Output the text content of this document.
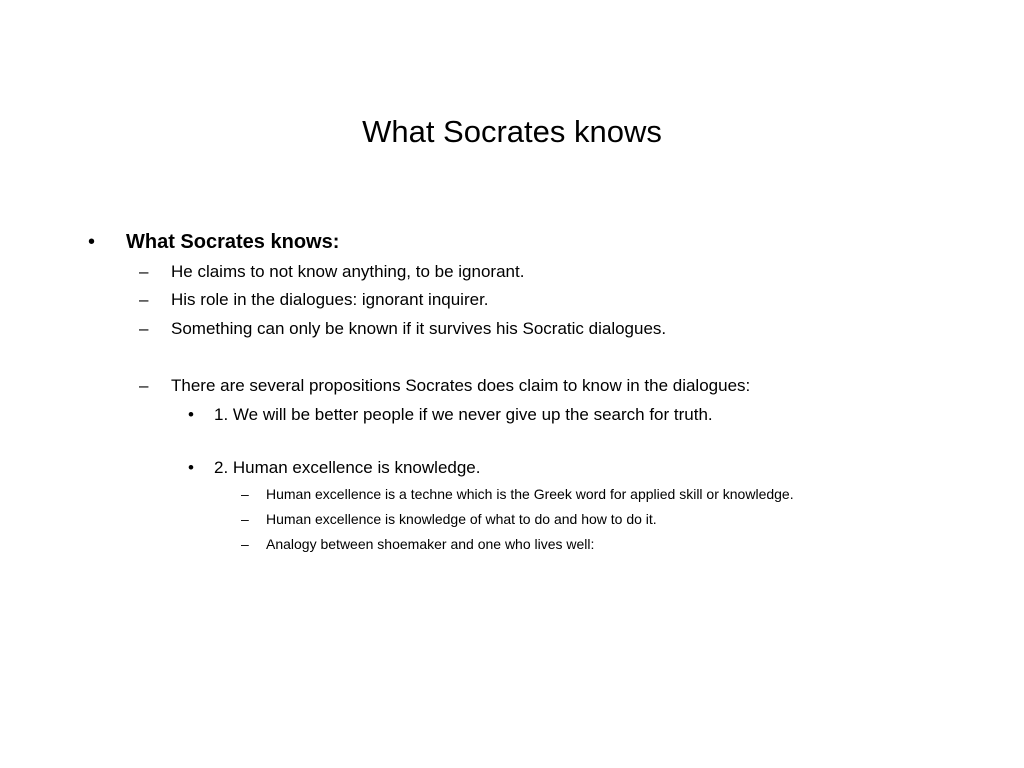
What Socrates knows
• What Socrates knows:
– He claims to not know anything, to be ignorant.
– His role in the dialogues: ignorant inquirer.
– Something can only be known if it survives his Socratic dialogues.
– There are several propositions Socrates does claim to know in the dialogues:
• 1. We will be better people if we never give up the search for truth.
• 2. Human excellence is knowledge.
– Human excellence is a techne which is the Greek word for applied skill or knowledge.
– Human excellence is knowledge of what to do and how to do it.
– Analogy between shoemaker and one who lives well:
